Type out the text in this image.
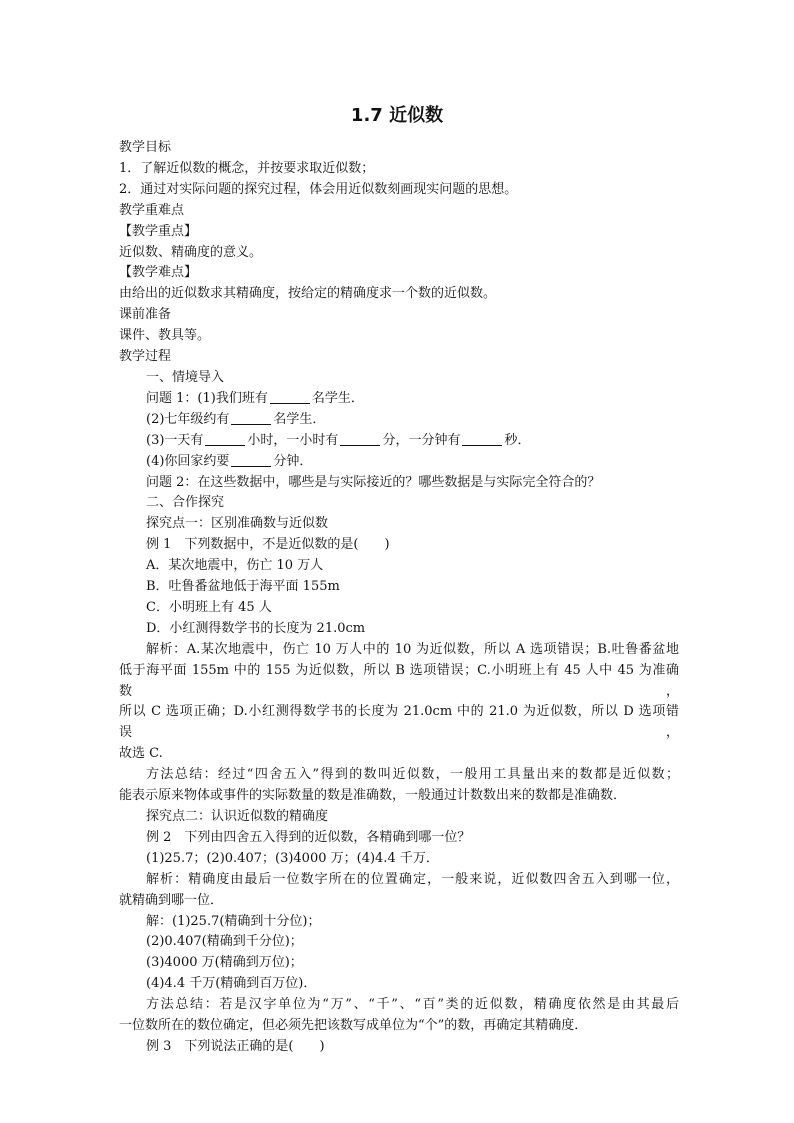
1.7 近似数
教学目标
1．了解近似数的概念，并按要求取近似数；
2．通过对实际问题的探究过程，体会用近似数刻画现实问题的思想。
教学重难点
【教学重点】
近似数、精确度的意义。
【教学难点】
由给出的近似数求其精确度，按给定的精确度求一个数的近似数。
课前准备
课件、教具等。
教学过程
一、情境导入
问题 1：(1)我们班有	名学生．
(2)七年级约有	名学生．
(3)一天有	小时，一小时有	分，一分钟有	秒．
(4)你回家约要	分钟．
问题 2：在这些数据中，哪些是与实际接近的？哪些数据是与实际完全符合的？
二、合作探究
探究点一：区别准确数与近似数
例 1　下列数据中，不是近似数的是(　　)
A．某次地震中，伤亡 10 万人
B．吐鲁番盆地低于海平面 155m
C．小明班上有 45 人
D．小红测得数学书的长度为 21.0cm
解析：A.某次地震中，伤亡 10 万人中的 10 为近似数，所以 A 选项错误；B.吐鲁番盆地
低于海平面 155m 中的 155 为近似数，所以 B 选项错误；C.小明班上有 45 人中 45 为准确数，
所以 C 选项正确；D.小红测得数学书的长度为 21.0cm 中的 21.0 为近似数，所以 D 选项错误，
故选 C.
方法总结：经过“四舍五入”得到的数叫近似数，一般用工具量出来的数都是近似数；
能表示原来物体或事件的实际数量的数是准确数，一般通过计数数出来的数都是准确数．
探究点二：认识近似数的精确度
例 2　下列由四舍五入得到的近似数，各精确到哪一位？
(1)25.7；(2)0.407；(3)4000 万；(4)4.4 千万．
解析：精确度由最后一位数字所在的位置确定，一般来说，近似数四舍五入到哪一位，
就精确到哪一位．
解：(1)25.7(精确到十分位)；
(2)0.407(精确到千分位)；
(3)4000 万(精确到万位)；
(4)4.4 千万(精确到百万位)．
方法总结：若是汉字单位为“万”、“千”、“百”类的近似数，精确度依然是由其最后
一位数所在的数位确定，但必须先把该数写成单位为“个”的数，再确定其精确度．
例 3　下列说法正确的是(　　)
